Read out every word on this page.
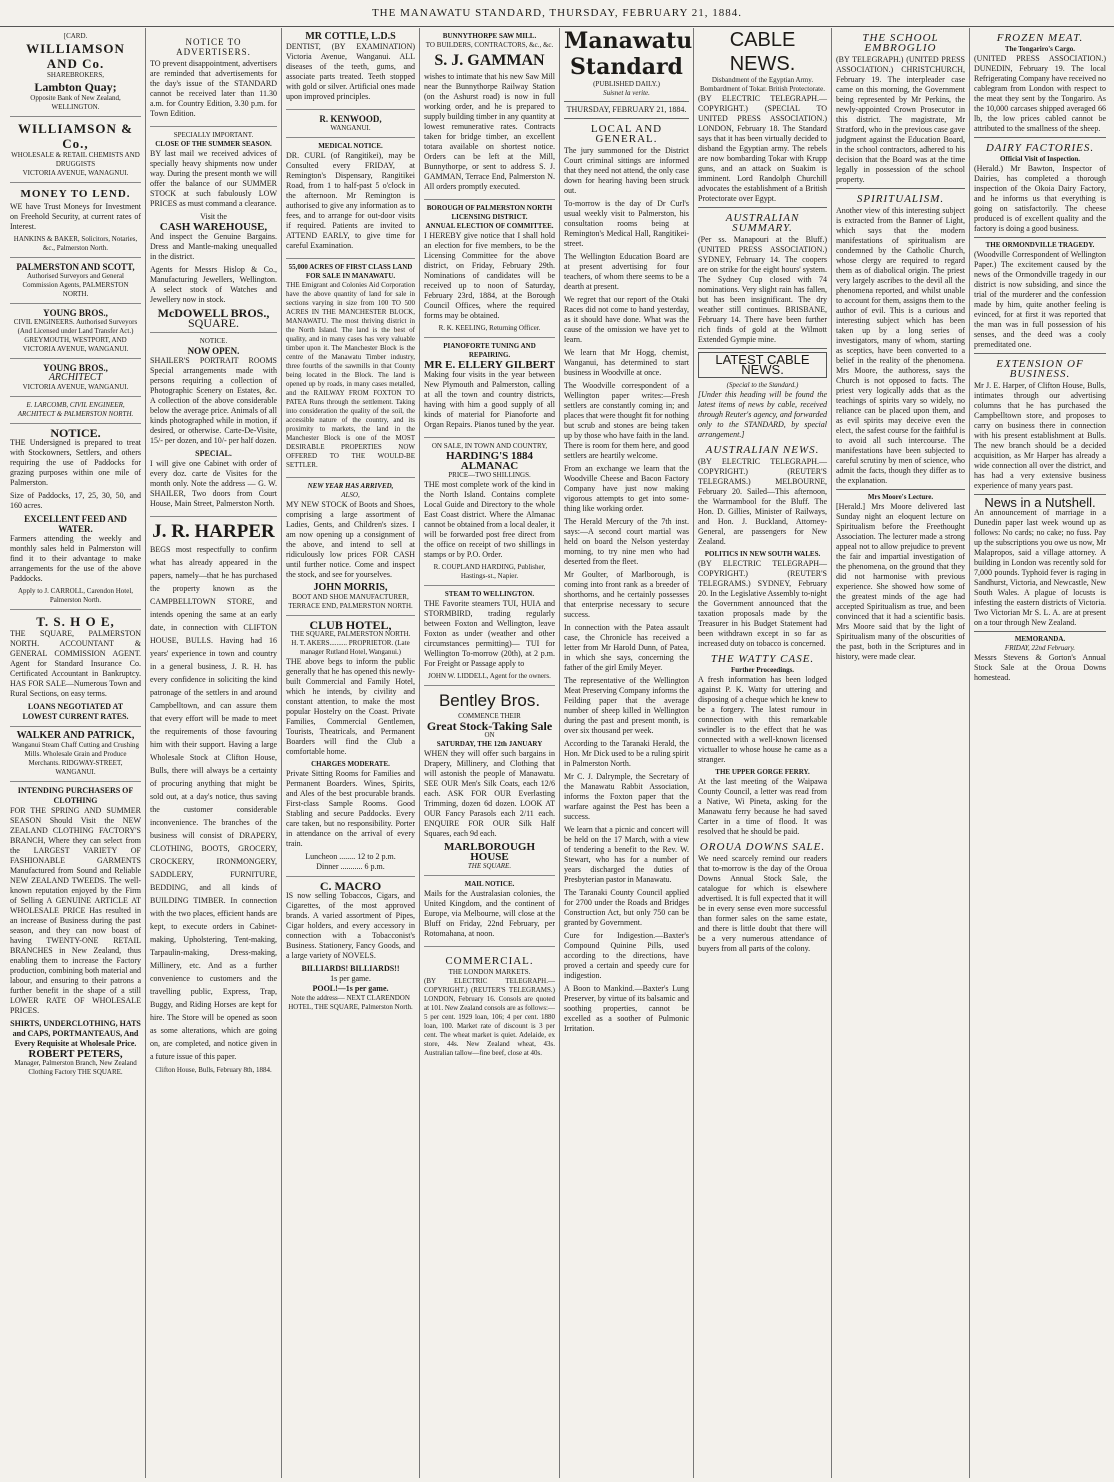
THE MANAWATU STANDARD, THURSDAY, FEBRUARY 21, 1884.
[CARD.
WILLIAMSON AND Co.
SHAREBROKERS,
Lambton Quay;
Opposite Bank of New Zealand, WELLINGTON.
WILLIAMSON & Co.,
WHOLESALE & RETAIL CHEMISTS AND DRUGGISTS
VICTORIA AVENUE, WANAGNUI.
MONEY TO LEND.

WE have Trust Moneys for Investment on Freehold Security, at current rates of Interest.

HANKINS & BAKER, Solicitors, Notaries, &c., Palmerston North.
PALMERSTON AND SCOTT,
Authorised Surveyors and General Commission Agents, PALMERSTON NORTH.
YOUNG BROS.,
CIVIL ENGINEERS. Authorised Surveyors (And Licensed under Land Transfer Act.) GREYMOUTH, WESTPORT, AND VICTORIA AVENUE, WANGANUI.
YOUNG BROS.,
ARCHITECT
VICTORIA AVENUE, WANGANUI.
E. LARCOMB, CIVIL ENGINEER, ARCHITECT & PALMERSTON NORTH.
NOTICE.

THE Undersigned is prepared to treat with Stockowners, Settlers, and others requiring the use of Paddocks for grazing purposes within one mile of Palmerston.

Size of Paddocks, 17, 25, 30, 50, and 160 acres.

EXCELLENT FEED AND WATER.

Farmers attending the weekly and monthly sales held in Palmerston will find it to their advantage to make arrangements for the use of the above Paddocks.

Apply to J. CARROLL, Carendon Hotel, Palmerston North.
T. S. H O E,

THE SQUARE, PALMERSTON NORTH. ACCOUNTANT & GENERAL COMMISSION AGENT. Agent for Standard Insurance Co. Certificated Accountant in Bankruptcy. HAS FOR SALE—Numerous Town and Rural Sections, on easy terms.

LOANS NEGOTIATED AT LOWEST CURRENT RATES.
WALKER AND PATRICK,
Wanganui Steam Chaff Cutting and Crushing Mills. Wholesale Grain and Produce Merchants. RIDGWAY-STREET, WANGANUI.
INTENDING PURCHASERS OF CLOTHING

FOR THE SPRING AND SUMMER SEASON Should Visit the NEW ZEALAND CLOTHING FACTORY'S BRANCH, Where they can select from the LARGEST VARIETY OF FASHIONABLE GARMENTS Manufactured from Sound and Reliable NEW ZEALAND TWEEDS. The well-known reputation enjoyed by the Firm of Selling A GENUINE ARTICLE AT WHOLESALE PRICE Has resulted in an increase of Business during the past season, and they can now boast of having TWENTY-ONE RETAIL BRANCHES in New Zealand, thus enabling them to increase the Factory production, combining both material and labour, and ensuring to their patrons a further benefit in the shape of a still LOWER RATE OF WHOLESALE PRICES.

SHIRTS, UNDERCLOTHING, HATS and CAPS, PORTMANTEAUS, And Every Requisite at Wholesale Price.
ROBERT PETERS,
Manager, Palmerston Branch, New Zealand Clothing Factory THE SQUARE.
NOTICE TO ADVERTISERS.

TO prevent disappointment, advertisers are reminded that advertisements for the day's issue of the STANDARD cannot be received later than 11.30 a.m. for Country Edition, 3.30 p.m. for Town Edition.

SPECIALLY IMPORTANT.
CLOSE OF THE SUMMER SEASON.

BY last mail we received advices of specially heavy shipments now under way. During the present month we will offer the balance of our SUMMER STOCK at such fabulously LOW PRICES as must command a clearance.

Visit the
CASH WAREHOUSE,

And inspect the Genuine Bargains. Dress and Mantle-making unequalled in the district.

Agents for Messrs Hislop & Co., Manufacturing Jewellers, Wellington. A select stock of Watches and Jewellery now in stock.

McDOWELL BROS.,
SQUARE.
NOTICE.
NOW OPEN.

SHAILER'S PORTRAIT ROOMS Special arrangements made with persons requiring a collection of Photographic Scenery on Estates, &c. A collection of the above considerable below the average price. Animals of all kinds photographed while in motion, if desired, or otherwise. Carte-De-Visite, 15/- per dozen, and 10/- per half dozen.

SPECIAL.

I will give one Cabinet with order of every doz. carte de Visites for the month only. Note the address — G. W. SHAILER, Two doors from Court House, Main Street, Palmerston North.

J. R. HARPER

BEGS most respectfully to confirm what has already appeared in the papers, namely—that he has purchased the property known as the CAMPBELLTOWN STORE, and intends opening the same at an early date, in connection with CLIFTON HOUSE, BULLS. Having had 16 years' experience in town and country in a general business, J. R. H. has every confidence in soliciting the kind patronage of the settlers in and around Campbelltown, and can assure them that every effort will be made to meet the requirements of those favouring him with their support. Having a large Wholesale Stock at Clifton House, Bulls, there will always be a certainty of procuring anything that might be sold out, at a day's notice, thus saving the customer considerable inconvenience. The branches of the business will consist of DRAPERY, CLOTHING, BOOTS, GROCERY, CROCKERY, IRONMONGERY, SADDLERY, FURNITURE, BEDDING, and all kinds of BUILDING TIMBER. In connection with the two places, efficient hands are kept, to execute orders in Cabinet-making, Upholstering, Tent-making, Tarpaulin-making, Dress-making, Millinery, etc. And as a further convenience to customers and the travelling public, Express, Trap, Buggy, and Riding Horses are kept for hire. The Store will be opened as soon as some alterations, which are going on, are completed, and notice given in a future issue of this paper.

Clifton House, Bulls, February 8th, 1884.
MR COTTLE, L.D.S

DENTIST, (BY EXAMINATION) Victoria Avenue, Wanganui. ALL diseases of the teeth, gums, and associate parts treated. Teeth stopped with gold or silver. Artificial ones made upon improved principles.

R. KENWOOD,
WANGANUI.
MEDICAL NOTICE.

DR. CURL (of Rangitikei), may be Consulted every FRIDAY, at Remington's Dispensary, Rangitikei Road, from 1 to half-past 5 o'clock in the afternoon. Mr Remington is authorised to give any information as to fees, and to arrange for out-door visits if required. Patients are invited to ATTEND EARLY, to give time for careful Examination.

55,000 ACRES OF FIRST CLASS LAND FOR SALE IN MANAWATU.

THE Emigrant and Colonies Aid Corporation have the above quantity of land for sale in sections varying in size from 100 TO 500 ACRES IN THE MANCHESTER BLOCK, MANAWATU. The most thriving district in the North Island. The land is the best of quality, and in many cases has very valuable timber upon it. The Manchester Block is the centre of the Manawatu Timber industry, three fourths of the sawmills in that County being located in the Block. The land is opened up by roads, in many cases metalled, and the RAILWAY FROM FOXTON TO PATEA Runs through the settlement. Taking into consideration the quality of the soil, the accessible nature of the country, and its proximity to markets, the land in the Manchester Block is one of the MOST DESIRABLE PROPERTIES NOW OFFERED TO THE WOULD-BE SETTLER.

NEW YEAR HAS ARRIVED,
ALSO,

MY NEW STOCK of Boots and Shoes, comprising a large assortment of Ladies, Gents, and Children's sizes. I am now opening up a consignment of the above, and intend to sell at ridiculously low prices FOR CASH until further notice. Come and inspect the stock, and see for yourselves.

JOHN MORRIS,
BOOT AND SHOE MANUFACTURER, TERRACE END, PALMERSTON NORTH.
CLUB HOTEL,
THE SQUARE, PALMERSTON NORTH.
H. T. AKERS.......... PROPRIETOR. (Late manager Rutland Hotel, Wanganui.)

THE above begs to inform the public generally that he has opened this newly-built Commercial and Family Hotel, which he intends, by civility and constant attention, to make the most popular Hostelry on the Coast. Private Families, Commercial Gentlemen, Tourists, Theatricals, and Permanent Boarders will find the Club a comfortable home.

CHARGES MODERATE.

Private Sitting Rooms for Families and Permanent Boarders. Wines, Spirits, and Ales of the best procurable brands. First-class Sample Rooms. Good Stabling and secure Paddocks. Every care taken, but no responsibility. Porter in attendance on the arrival of every train.

Luncheon ........ 12 to 2 p.m.
Dinner ........... 6 p.m.
C. MACRO

IS now selling Tobaccos, Cigars, and Cigarettes, of the most approved brands. A varied assortment of Pipes, Cigar holders, and every accessory in connection with a Tobacconist's Business. Stationery, Fancy Goods, and a large variety of NOVELS.

BILLIARDS! BILLIARDS!!
1s per game.
POOL!—1s per game.
Note the address— NEXT CLARENDON HOTEL, THE SQUARE, Palmerston North.
BUNNYTHORPE SAW MILL.
TO BUILDERS, CONTRACTORS, &c., &c.
S. J. GAMMAN

wishes to intimate that his new Saw Mill near the Bunnythorpe Railway Station (on the Ashurst road) is now in full working order, and he is prepared to supply building timber in any quantity at lowest remunerative rates. Contracts taken for bridge timber, an excellent totara available on shortest notice. Orders can be left at the Mill, Bunnythorpe, or sent to address S. J. GAMMAN, Terrace End, Palmerston N. All orders promptly executed.

BOROUGH OF PALMERSTON NORTH LICENSING DISTRICT.
ANNUAL ELECTION OF COMMITTEE.

I HEREBY give notice that I shall hold an election for five members, to be the Licensing Committee for the above district, on Friday, February 29th. Nominations of candidates will be received up to noon of Saturday, February 23rd, 1884, at the Borough Council Offices, where the required forms may be obtained.

R. K. KEELING, Returning Officer.
PIANOFORTE TUNING AND REPAIRING.
MR E. ELLERY GILBERT

Making four visits in the year between New Plymouth and Palmerston, calling at all the town and country districts, having with him a good supply of all kinds of material for Pianoforte and Organ Repairs. Pianos tuned by the year.

ON SALE, IN TOWN AND COUNTRY,
HARDING'S 1884 ALMANAC
PRICE—TWO SHILLINGS.

THE most complete work of the kind in the North Island. Contains complete Local Guide and Directory to the whole East Coast district. Where the Almanac cannot be obtained from a local dealer, it will be forwarded post free direct from the office on receipt of two shillings in stamps or by P.O. Order.

R. COUPLAND HARDING, Publisher, Hastings-st., Napier.
STEAM TO WELLINGTON.

THE Favorite steamers TUI, HUIA and STORMBIRD, trading regularly between Foxton and Wellington, leave Foxton as under (weather and other circumstances permitting)— TUI for Wellington To-morrow (20th), at 2 p.m. For Freight or Passage apply to

JOHN W. LIDDELL, Agent for the owners.
Bentley Bros.
COMMENCE THEIR
Great Stock-Taking Sale
ON
SATURDAY, THE 12th JANUARY

WHEN they will offer such bargains in Drapery, Millinery, and Clothing that will astonish the people of Manawatu. SEE OUR Men's Silk Coats, each 12/6 each. ASK FOR OUR Everlasting Trimming, dozen 6d dozen. LOOK AT OUR Fancy Parasols each 2/11 each. ENQUIRE FOR OUR Silk Half Squares, each 9d each.

MARLBOROUGH HOUSE
THE SQUARE.
MAIL NOTICE.

Mails for the Australasian colonies, the United Kingdom, and the continent of Europe, via Melbourne, will close at the Bluff on Friday, 22nd February, per Rotomahana, at noon.

COMMERCIAL.
THE LONDON MARKETS.

(BY ELECTRIC TELEGRAPH.—COPYRIGHT.) (REUTER'S TELEGRAMS.) LONDON, February 16. Consols are quoted at 101. New Zealand consols are as follows:— 5 per cent. 1929 loan, 106; 4 per cent. 1880 loan, 100. Market rate of discount is 3 per cent. The wheat market is quiet. Adelaide, ex store, 44s. New Zealand wheat, 43s. Australian tallow—fine beef, close at 40s.

Manawatu Standard
(PUBLISHED DAILY.)
Suisnet la verite.
THURSDAY, FEBRUARY 21, 1884.
LOCAL AND GENERAL.

The jury summoned for the District Court criminal sittings are informed that they need not attend, the only case down for hearing having been struck out.

To-morrow is the day of Dr Curl's usual weekly visit to Palmerston, his consultation rooms being at Remington's Medical Hall, Rangitikei-street.

The Wellington Education Board are at present advertising for four teachers, of whom there seems to be a dearth at present.

We regret that our report of the Otaki Races did not come to hand yesterday, as it should have done. What was the cause of the omission we have yet to learn.

We learn that Mr Hogg, chemist, Wanganui, has determined to start business in Woodville at once.

The Woodville correspondent of a Wellington paper writes:—Fresh settlers are constantly coming in; and places that were thought fit for nothing but scrub and stones are being taken up by those who have faith in the land. There is room for them here, and good settlers are heartily welcome.

From an exchange we learn that the Woodville Cheese and Bacon Factory Company have just now making vigorous attempts to get into some-thing like working order.

The Herald Mercury of the 7th inst. says:—A second court martial was held on board the Nelson yesterday morning, to try nine men who had deserted from the fleet.

Mr Goulter, of Marlborough, is coming into front rank as a breeder of shorthorns, and he certainly possesses that enterprise necessary to secure success.

In connection with the Patea assault case, the Chronicle has received a letter from Mr Harold Dunn, of Patea, in which she says, concerning the father of the girl Emily Meyer.

The representative of the Wellington Meat Preserving Company informs the Feilding paper that the average number of sheep killed in Wellington during the past and present month, is over six thousand per week.

According to the Taranaki Herald, the Hon. Mr Dick used to be a ruling spirit in Palmerston North.

Mr C. J. Dalrymple, the Secretary of the Manawatu Rabbit Association, informs the Foxton paper that the warfare against the Pest has been a success.

We learn that a picnic and concert will be held on the 17 March, with a view of tendering a benefit to the Rev. W. Stewart, who has for a number of years discharged the duties of Presbyterian pastor in Manawatu.

The Taranaki County Council applied for 2700 under the Roads and Bridges Construction Act, but only 750 can be granted by Government.

Cure for Indigestion.—Baxter's Compound Quinine Pills, used according to the directions, have proved a certain and speedy cure for indigestion.

A Boon to Mankind.—Baxter's Lung Preserver, by virtue of its balsamic and soothing properties, cannot be excelled as a soother of Pulmonic Irritation.

CABLE NEWS.
Disbandment of the Egyptian Army. Bombardment of Tokar. British Protectorate.

(BY ELECTRIC TELEGRAPH.—COPYRIGHT.) (SPECIAL TO UNITED PRESS ASSOCIATION.) LONDON, February 18. The Standard says that it has been virtually decided to disband the Egyptian army. The rebels are now bombarding Tokar with Krupp guns, and an attack on Suakim is imminent. Lord Randolph Churchill advocates the establishment of a British Protectorate over Egypt.

AUSTRALIAN SUMMARY.

(Per ss. Manapouri at the Bluff.) (UNITED PRESS ASSOCIATION.) SYDNEY, February 14. The coopers are on strike for the eight hours' system. The Sydney Cup closed with 74 nominations. Very slight rain has fallen, but has been insignificant. The dry weather still continues. BRISBANE, February 14. There have been further rich finds of gold at the Wilmott Extended Gympie mine.

LATEST CABLE NEWS.
(Special to the Standard.)

[Under this heading will be found the latest items of news by cable, received through Reuter's agency, and forwarded only to the STANDARD, by special arrangement.]

AUSTRALIAN NEWS.

(BY ELECTRIC TELEGRAPH.—COPYRIGHT.) (REUTER'S TELEGRAMS.) MELBOURNE, February 20. Sailed—This afternoon, the Warrnambool for the Bluff. The Hon. D. Gillies, Minister of Railways, and Hon. J. Buckland, Attorney-General, are passengers for New Zealand.

POLITICS IN NEW SOUTH WALES.

(BY ELECTRIC TELEGRAPH—COPYRIGHT.) (REUTER'S TELEGRAMS.) SYDNEY, February 20. In the Legislative Assembly to-night the Government announced that the taxation proposals made by the Treasurer in his Budget Statement had been withdrawn except in so far as increased duty on tobacco is concerned.

THE WATTY CASE.
Further Proceedings.

A fresh information has been lodged against P. K. Watty for uttering and disposing of a cheque which he knew to be a forgery. The latest rumour in connection with this remarkable swindler is to the effect that he was connected with a well-known licensed victualler to whose house he came as a stranger.

THE UPPER GORGE FERRY.

At the last meeting of the Waipawa County Council, a letter was read from a Native, Wi Pineta, asking for the Manawatu ferry because he had saved Carter in a time of flood. It was resolved that he should be paid.

OROUA DOWNS SALE.

We need scarcely remind our readers that to-morrow is the day of the Oroua Downs Annual Stock Sale, the catalogue for which is elsewhere advertised. It is full expected that it will be in every sense even more successful than former sales on the same estate, and there is little doubt that there will be a very numerous attendance of buyers from all parts of the colony.

THE SCHOOL EMBROGLIO

(BY TELEGRAPH.) (UNITED PRESS ASSOCIATION.) CHRISTCHURCH, February 19. The interpleader case came on this morning, the Government being represented by Mr Perkins, the newly-appointed Crown Prosecutor in this district. The magistrate, Mr Stratford, who in the previous case gave judgment against the Education Board, in the school contractors, adhered to his decision that the Board was at the time legally in possession of the school property.

SPIRITUALISM.

Another view of this interesting subject is extracted from the Banner of Light, which says that the modern manifestations of spiritualism are condemned by the Catholic Church, whose clergy are required to regard them as of diabolical origin. The priest very largely ascribes to the devil all the phenomena reported, and whilst unable to account for them, assigns them to the author of evil. This is a curious and interesting subject which has been taken up by a long series of investigators, many of whom, starting as sceptics, have been converted to a belief in the reality of the phenomena. Mrs Moore, the authoress, says the Church is not opposed to facts. The priest very logically adds that as the teachings of spirits vary so widely, no reliance can be placed upon them, and as evil spirits may deceive even the elect, the safest course for the faithful is to avoid all such intercourse. The manifestations have been subjected to careful scrutiny by men of science, who admit the facts, though they differ as to the explanation.

Mrs Moore's Lecture.

[Herald.] Mrs Moore delivered last Sunday night an eloquent lecture on Spiritualism before the Freethought Association. The lecturer made a strong appeal not to allow prejudice to prevent the fair and impartial investigation of the phenomena, on the ground that they did not harmonise with previous experience. She showed how some of the greatest minds of the age had accepted Spiritualism as true, and been convinced that it had a scientific basis. Mrs Moore said that by the light of Spiritualism many of the obscurities of the past, both in the Scriptures and in history, were made clear.

FROZEN MEAT.
The Tongariro's Cargo.

(UNITED PRESS ASSOCIATION.) DUNEDIN, February 19. The local Refrigerating Company have received no cablegram from London with respect to the meat they sent by the Tongariro. As the 10,000 carcases shipped averaged 66 lb, the low prices cabled cannot be attributed to the smallness of the sheep.

DAIRY FACTORIES.
Official Visit of Inspection.

(Herald.) Mr Bawton, Inspector of Dairies, has completed a thorough inspection of the Okoia Dairy Factory, and he informs us that everything is going on satisfactorily. The cheese produced is of excellent quality and the factory is doing a good business.

THE ORMONDVILLE TRAGEDY.

(Woodville Correspondent of Wellington Paper.) The excitement caused by the news of the Ormondville tragedy in our district is now subsiding, and since the trial of the murderer and the confession made by him, quite another feeling is evinced, for at first it was reported that the man was in full possession of his senses, and the deed was a cooly premeditated one.

EXTENSION OF BUSINESS.

Mr J. E. Harper, of Clifton House, Bulls, intimates through our advertising columns that he has purchased the Campbelltown store, and proposes to carry on business there in connection with his present establishment at Bulls. The new branch should be a decided acquisition, as Mr Harper has already a wide connection all over the district, and has had a very extensive business experience of many years past.

News in a Nutshell.

An announcement of marriage in a Dunedin paper last week wound up as follows: No cards; no cake; no fuss. Pay up the subscriptions you owe us now, Mr Malapropos, said a village attorney. A building in London was recently sold for 7,000 pounds. Typhoid fever is raging in Sandhurst, Victoria, and Newcastle, New South Wales. A plague of locusts is infesting the eastern districts of Victoria. Two Victorian Mr S. L. A. are at present on a tour through New Zealand.

MEMORANDA.
FRIDAY, 22nd February.

Messrs Stevens & Gorton's Annual Stock Sale at the Oroua Downs homestead.
